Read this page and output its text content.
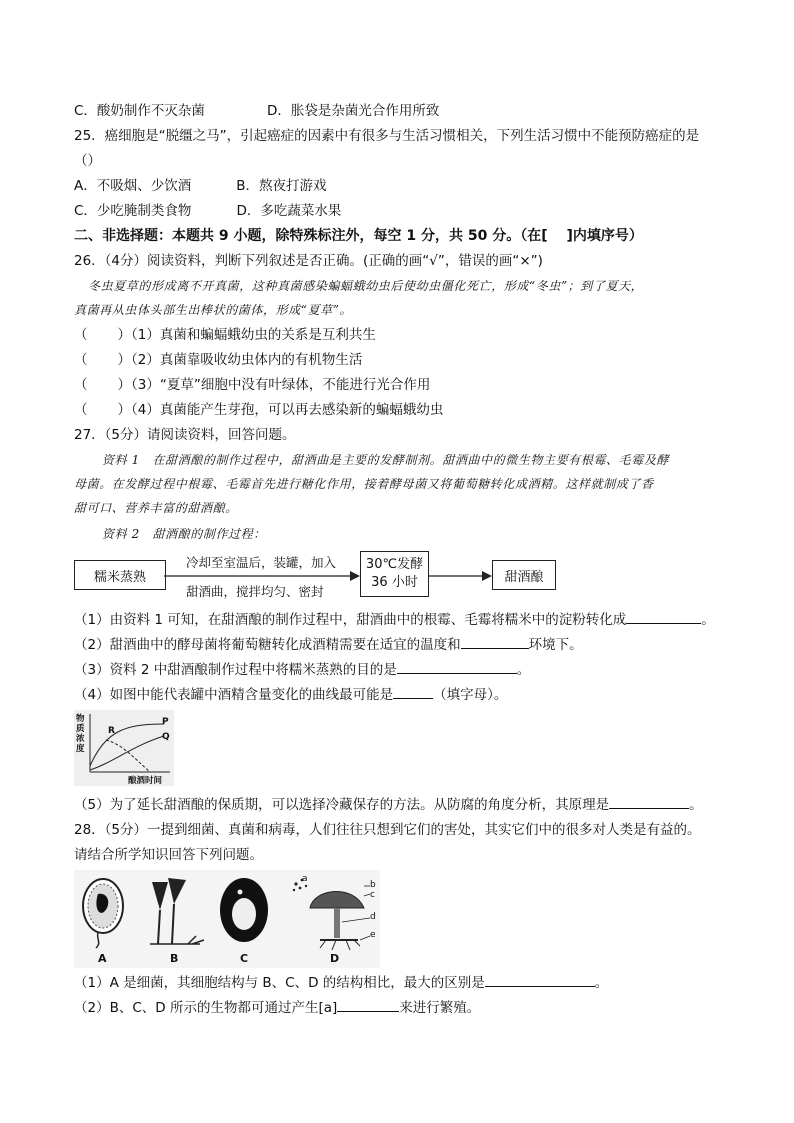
C．酸奶制作不灭杂菌	D．胀袋是杂菌光合作用所致
25．癌细胞是“脱缰之马”，引起癌症的因素中有很多与生活习惯相关，下列生活习惯中不能预防癌症的是
（）
A．不吸烟、少饮酒	B．熬夜打游戏
C．少吃腌制类食物	D．多吃蔬菜水果
二、非选择题：本题共 9 小题，除特殊标注外，每空 1 分，共 50 分。（在[　 ]内填序号）
26．（4分）阅读资料，判断下列叙述是否正确。(正确的画“√”，错误的画“×”)
冬虫夏草的形成离不开真菌，这种真菌感染蝙蝠蛾幼虫后使幼虫僵化死亡，形成“冬虫”；到了夏天，
真菌再从虫体头部生出棒状的菌体，形成“夏草”。
（ ）（1）真菌和蝙蝠蛾幼虫的关系是互利共生
（ ）（2）真菌靠吸收幼虫体内的有机物生活
（ ）（3）“夏草”细胞中没有叶绿体，不能进行光合作用
（ ）（4）真菌能产生芽孢，可以再去感染新的蝙蝠蛾幼虫
27．（5分）请阅读资料，回答问题。
资料 1　在甜酒酿的制作过程中，甜酒曲是主要的发酵制剂。甜酒曲中的微生物主要有根霉、毛霉及酵
母菌。在发酵过程中根霉、毛霉首先进行糖化作用，接着酵母菌又将葡萄糖转化成酒精。这样就制成了香
甜可口、营养丰富的甜酒酿。
资料 2　甜酒酿的制作过程：
糯米蒸熟
冷却至室温后，装罐，加入
甜酒曲，搅拌均匀、密封
30℃发酵
36 小时	甜酒酿
（1）由资料 1 可知，在甜酒酿的制作过程中，甜酒曲中的根霉、毛霉将糯米中的淀粉转化成	。
（2）甜酒曲中的酵母菌将葡萄糖转化成酒精需要在适宜的温度和	环境下。
（3）资料 2 中甜酒酿制作过程中将糯米蒸熟的目的是	。
（4）如图中能代表罐中酒精含量变化的曲线最可能是	（填字母）。
物
质
浓
度
R
P
Q
酿酒时间
（5）为了延长甜酒酿的保质期，可以选择冷藏保存的方法。从防腐的角度分析，其原理是	。
28．（5分）一提到细菌、真菌和病毒，人们往往只想到它们的害处，其实它们中的很多对人类是有益的。
请结合所学知识回答下列问题。
a
b
c
d
e
A	B	C	D
（1）A 是细菌，其细胞结构与 B、C、D 的结构相比，最大的区别是	。
（2）B、C、D 所示的生物都可通过产生[a]	来进行繁殖。
